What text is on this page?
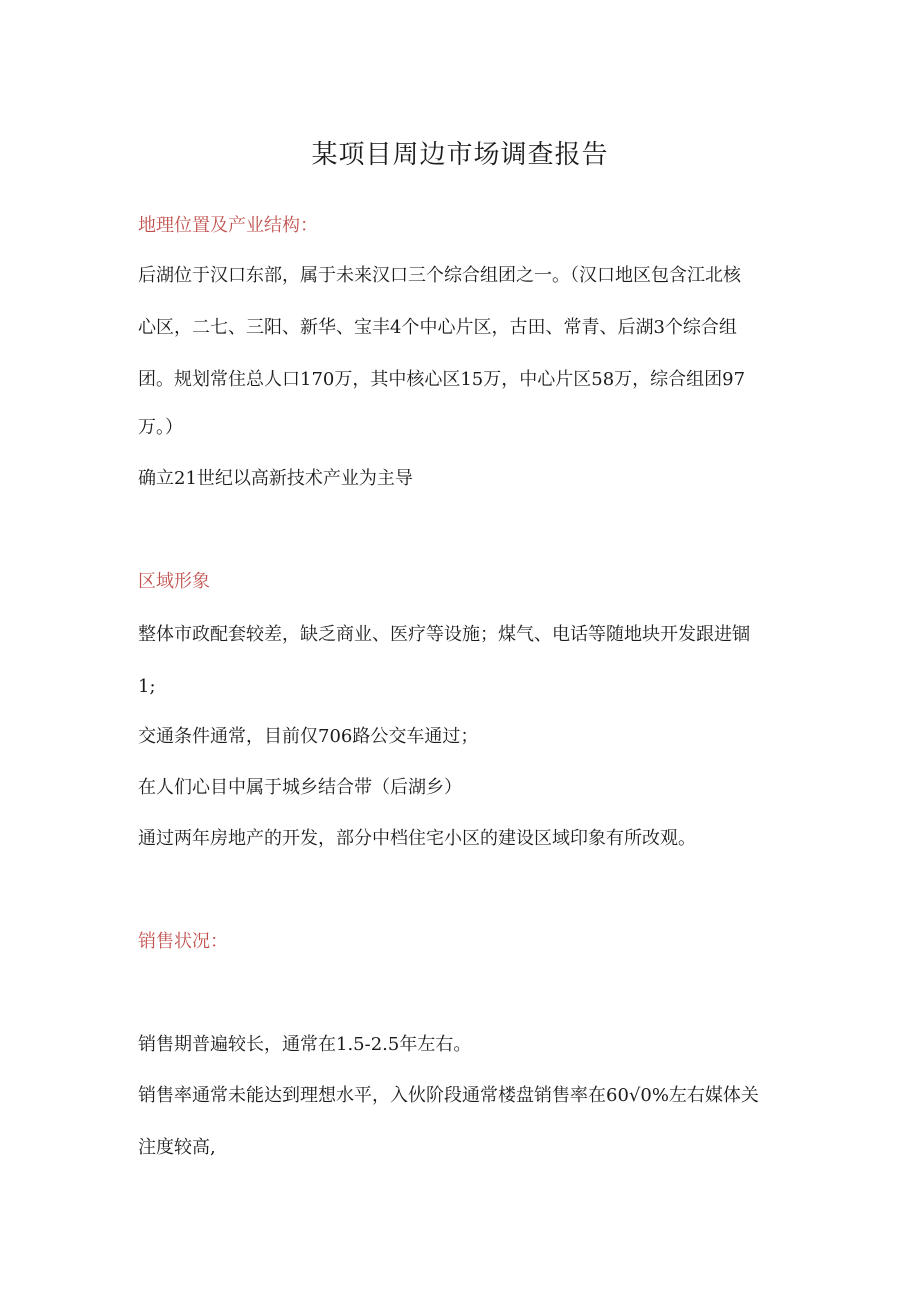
某项目周边市场调查报告
地理位置及产业结构：
后湖位于汉口东部，属于未来汉口三个综合组团之一。（汉口地区包含江北核
心区，二七、三阳、新华、宝丰4个中心片区，古田、常青、后湖3个综合组
团。规划常住总人口170万，其中核心区15万，中心片区58万，综合组团97
万。）
确立21世纪以高新技术产业为主导
区域形象
整体市政配套较差，缺乏商业、医疗等设施；煤气、电话等随地块开发跟进锢
1;
交通条件通常，目前仅706路公交车通过；
在人们心目中属于城乡结合带（后湖乡）
通过两年房地产的开发，部分中档住宅小区的建设区域印象有所改观。
销售状况：
销售期普遍较长，通常在1.5-2.5年左右。
销售率通常未能达到理想水平，入伙阶段通常楼盘销售率在60√0%左右媒体关
注度较高,
